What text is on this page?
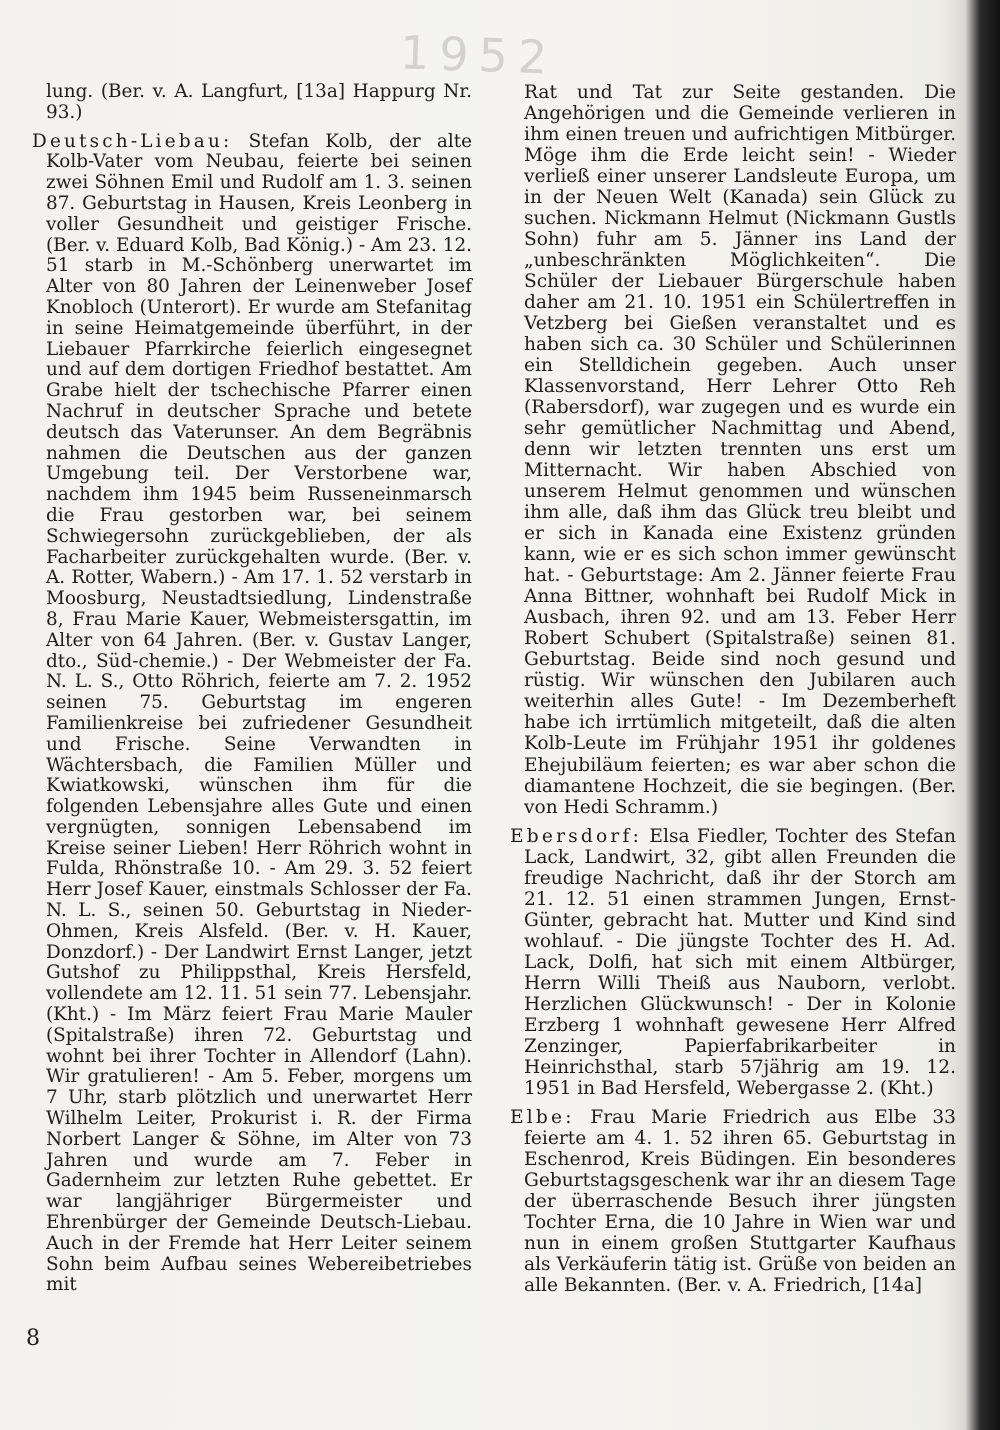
1952

lung. (Ber. v. A. Langfurt, [13a] Happurg Nr. 93.)

Deutsch-Liebau: Stefan Kolb, der alte Kolb-Vater vom Neubau, feierte bei seinen zwei Söhnen Emil und Rudolf am 1. 3. seinen 87. Geburtstag in Hausen, Kreis Leonberg in voller Gesundheit und geistiger Frische. (Ber. v. Eduard Kolb, Bad König.) - Am 23. 12. 51 starb in M.-Schönberg unerwartet im Alter von 80 Jahren der Leinenweber Josef Knobloch (Unterort). Er wurde am Stefanitag in seine Heimatgemeinde überführt, in der Liebauer Pfarrkirche feierlich eingesegnet und auf dem dortigen Friedhof bestattet. Am Grabe hielt der tschechische Pfarrer einen Nachruf in deutscher Sprache und betete deutsch das Vaterunser. An dem Begräbnis nahmen die Deutschen aus der ganzen Umgebung teil. Der Verstorbene war, nachdem ihm 1945 beim Russeneinmarsch die Frau gestorben war, bei seinem Schwiegersohn zurückgeblieben, der als Facharbeiter zurückgehalten wurde. (Ber. v. A. Rotter, Wabern.) - Am 17. 1. 52 verstarb in Moosburg, Neustadtsiedlung, Lindenstraße 8, Frau Marie Kauer, Webmeistersgattin, im Alter von 64 Jahren. (Ber. v. Gustav Langer, dto., Süd-chemie.) - Der Webmeister der Fa. N. L. S., Otto Röhrich, feierte am 7. 2. 1952 seinen 75. Geburtstag im engeren Familienkreise bei zufriedener Gesundheit und Frische. Seine Verwandten in Wächtersbach, die Familien Müller und Kwiatkowski, wünschen ihm für die folgenden Lebensjahre alles Gute und einen vergnügten, sonnigen Lebensabend im Kreise seiner Lieben! Herr Röhrich wohnt in Fulda, Rhönstraße 10. - Am 29. 3. 52 feiert Herr Josef Kauer, einstmals Schlosser der Fa. N. L. S., seinen 50. Geburtstag in Nieder-Ohmen, Kreis Alsfeld. (Ber. v. H. Kauer, Donzdorf.) - Der Landwirt Ernst Langer, jetzt Gutshof zu Philippsthal, Kreis Hersfeld, vollendete am 12. 11. 51 sein 77. Lebensjahr. (Kht.) - Im März feiert Frau Marie Mauler (Spitalstraße) ihren 72. Geburtstag und wohnt bei ihrer Tochter in Allendorf (Lahn). Wir gratulieren! - Am 5. Feber, morgens um 7 Uhr, starb plötzlich und unerwartet Herr Wilhelm Leiter, Prokurist i. R. der Firma Norbert Langer & Söhne, im Alter von 73 Jahren und wurde am 7. Feber in Gadernheim zur letzten Ruhe gebettet. Er war langjähriger Bürgermeister und Ehrenbürger der Gemeinde Deutsch-Liebau. Auch in der Fremde hat Herr Leiter seinem Sohn beim Aufbau seines Webereibetriebes mit

Rat und Tat zur Seite gestanden. Die Angehörigen und die Gemeinde verlieren in ihm einen treuen und aufrichtigen Mitbürger. Möge ihm die Erde leicht sein! - Wieder verließ einer unserer Landsleute Europa, um in der Neuen Welt (Kanada) sein Glück zu suchen. Nickmann Helmut (Nickmann Gustls Sohn) fuhr am 5. Jänner ins Land der „unbeschränkten Möglichkeiten“. Die Schüler der Liebauer Bürgerschule haben daher am 21. 10. 1951 ein Schülertreffen in Vetzberg bei Gießen veranstaltet und es haben sich ca. 30 Schüler und Schülerinnen ein Stelldichein gegeben. Auch unser Klassenvorstand, Herr Lehrer Otto Reh (Rabersdorf), war zugegen und es wurde ein sehr gemütlicher Nachmittag und Abend, denn wir letzten trennten uns erst um Mitternacht. Wir haben Abschied von unserem Helmut genommen und wünschen ihm alle, daß ihm das Glück treu bleibt und er sich in Kanada eine Existenz gründen kann, wie er es sich schon immer gewünscht hat. - Geburtstage: Am 2. Jänner feierte Frau Anna Bittner, wohnhaft bei Rudolf Mick in Ausbach, ihren 92. und am 13. Feber Herr Robert Schubert (Spitalstraße) seinen 81. Geburtstag. Beide sind noch gesund und rüstig. Wir wünschen den Jubilaren auch weiterhin alles Gute! - Im Dezemberheft habe ich irrtümlich mitgeteilt, daß die alten Kolb-Leute im Frühjahr 1951 ihr goldenes Ehejubiläum feierten; es war aber schon die diamantene Hochzeit, die sie begingen. (Ber. von Hedi Schramm.)

Ebersdorf: Elsa Fiedler, Tochter des Stefan Lack, Landwirt, 32, gibt allen Freunden die freudige Nachricht, daß ihr der Storch am 21. 12. 51 einen strammen Jungen, Ernst-Günter, gebracht hat. Mutter und Kind sind wohlauf. - Die jüngste Tochter des H. Ad. Lack, Dolfi, hat sich mit einem Altbürger, Herrn Willi Theiß aus Nauborn, verlobt. Herzlichen Glückwunsch! - Der in Kolonie Erzberg 1 wohnhaft gewesene Herr Alfred Zenzinger, Papierfabrikarbeiter in Heinrichsthal, starb 57jährig am 19. 12. 1951 in Bad Hersfeld, Webergasse 2. (Kht.)

Elbe: Frau Marie Friedrich aus Elbe 33 feierte am 4. 1. 52 ihren 65. Geburtstag in Eschenrod, Kreis Büdingen. Ein besonderes Geburtstagsgeschenk war ihr an diesem Tage der überraschende Besuch ihrer jüngsten Tochter Erna, die 10 Jahre in Wien war und nun in einem großen Stuttgarter Kaufhaus als Verkäuferin tätig ist. Grüße von beiden an alle Bekannten. (Ber. v. A. Friedrich, [14a]

8
